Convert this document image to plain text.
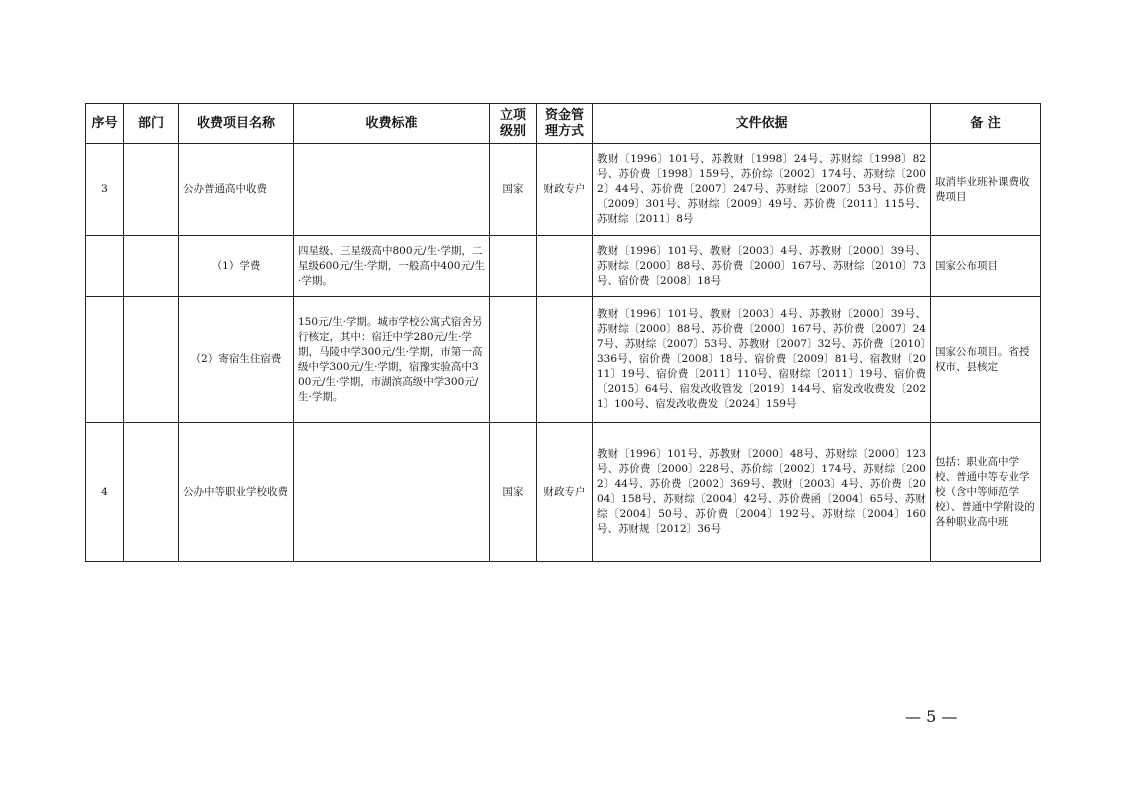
序号	部门	收费项目名称	收费标准	立项级别	资金管理方式	文件依据	备 注
3		公办普通高中收费		国家	财政专户	教财〔1996〕101号、苏教财〔1998〕24号、苏财综〔1998〕82号、苏价费〔1998〕159号、苏价综〔2002〕174号、苏财综〔2002〕44号、苏价费〔2007〕247号、苏财综〔2007〕53号、苏价费〔2009〕301号、苏财综〔2009〕49号、苏价费〔2011〕115号、苏财综〔2011〕8号	取消毕业班补课费收费项目
		（1）学费	四星级、三星级高中800元/生·学期，二星级600元/生·学期，一般高中400元/生·学期。			教财〔1996〕101号、教财〔2003〕4号、苏教财〔2000〕39号、苏财综〔2000〕88号、苏价费〔2000〕167号、苏财综〔2010〕73号、宿价费〔2008〕18号	国家公布项目
		（2）寄宿生住宿费	150元/生·学期。城市学校公寓式宿舍另行核定，其中：宿迁中学280元/生·学期，马陵中学300元/生·学期，市第一高级中学300元/生·学期，宿豫实验高中300元/生·学期，市湖滨高级中学300元/生·学期。			教财〔1996〕101号、教财〔2003〕4号、苏教财〔2000〕39号、苏财综〔2000〕88号、苏价费〔2000〕167号、苏价费〔2007〕247号、苏财综〔2007〕53号、苏教财〔2007〕32号、苏价费〔2010〕336号、宿价费〔2008〕18号、宿价费〔2009〕81号、宿教财〔2011〕19号、宿价费〔2011〕110号、宿财综〔2011〕19号、宿价费〔2015〕64号、宿发改收管发〔2019〕144号、宿发改收费发〔2021〕100号、宿发改收费发〔2024〕159号	国家公布项目。省授权市、县核定
4		公办中等职业学校收费		国家	财政专户	教财〔1996〕101号、苏教财〔2000〕48号、苏财综〔2000〕123号、苏价费〔2000〕228号、苏价综〔2002〕174号、苏财综〔2002〕44号、苏价费〔2002〕369号、教财〔2003〕4号、苏价费〔2004〕158号、苏财综〔2004〕42号、苏价费函〔2004〕65号、苏财综〔2004〕50号、苏价费〔2004〕192号、苏财综〔2004〕160号、苏财规〔2012〕36号	包括：职业高中学校、普通中等专业学校（含中等师范学校）、普通中学附设的各种职业高中班
— 5 —
